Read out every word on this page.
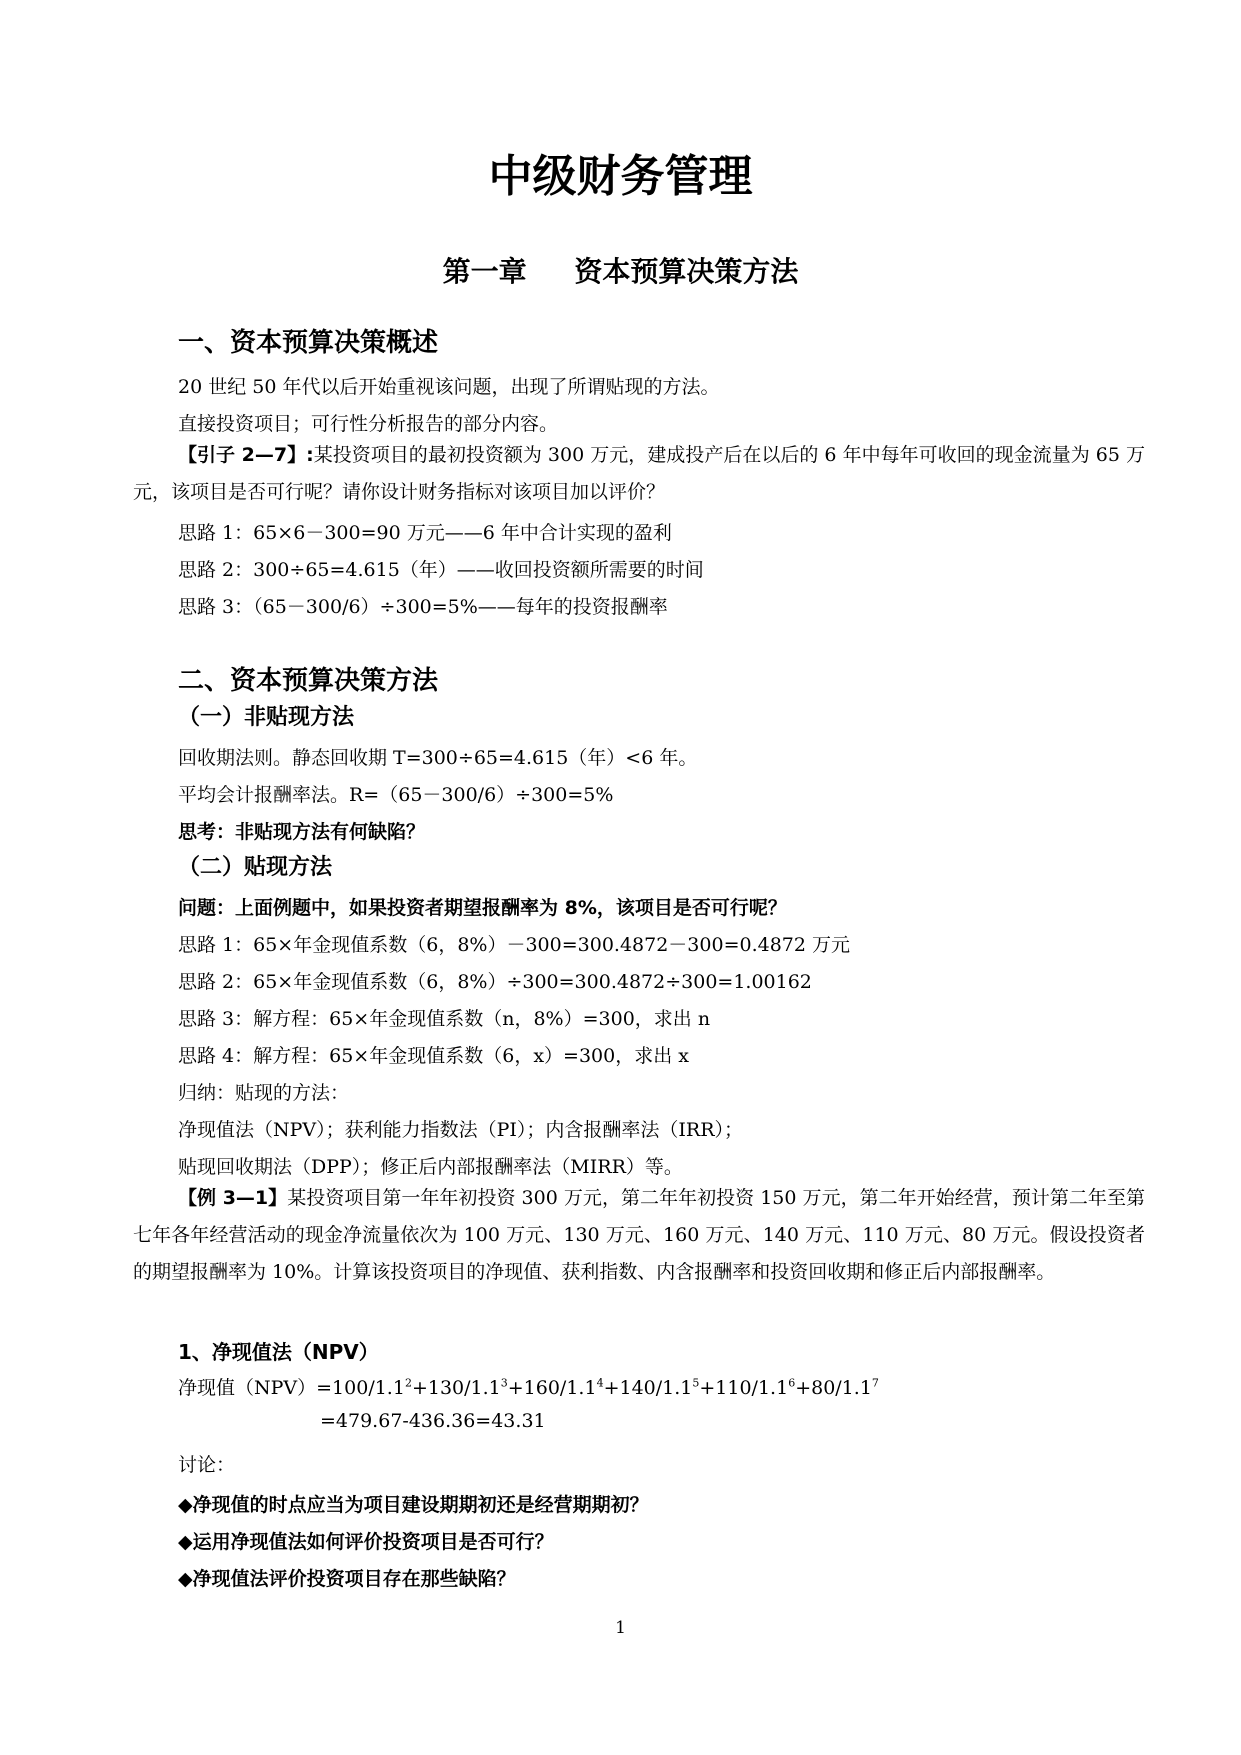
中级财务管理
第一章 资本预算决策方法
一、资本预算决策概述
20 世纪 50 年代以后开始重视该问题，出现了所谓贴现的方法。
直接投资项目；可行性分析报告的部分内容。
【引子 2—7】:某投资项目的最初投资额为 300 万元，建成投产后在以后的 6 年中每年可收回的现金流量为 65 万元，该项目是否可行呢？请你设计财务指标对该项目加以评价？
思路 1：65×6－300=90 万元——6 年中合计实现的盈利
思路 2：300÷65=4.615（年）——收回投资额所需要的时间
思路 3：（65－300/6）÷300=5%——每年的投资报酬率
二、资本预算决策方法
（一）非贴现方法
回收期法则。静态回收期 T=300÷65=4.615（年）<6 年。
平均会计报酬率法。R=（65－300/6）÷300=5%
思考：非贴现方法有何缺陷？
（二）贴现方法
问题：上面例题中，如果投资者期望报酬率为 8%，该项目是否可行呢？
思路 1：65×年金现值系数（6，8%）－300=300.4872－300=0.4872 万元
思路 2：65×年金现值系数（6，8%）÷300=300.4872÷300=1.00162
思路 3：解方程：65×年金现值系数（n，8%）=300，求出 n
思路 4：解方程：65×年金现值系数（6，x）=300，求出 x
归纳：贴现的方法：
净现值法（NPV）；获利能力指数法（PI）；内含报酬率法（IRR）；
贴现回收期法（DPP）；修正后内部报酬率法（MIRR）等。
【例 3—1】某投资项目第一年年初投资 300 万元，第二年年初投资 150 万元，第二年开始经营，预计第二年至第七年各年经营活动的现金净流量依次为 100 万元、130 万元、160 万元、140 万元、110 万元、80 万元。假设投资者的期望报酬率为 10%。计算该投资项目的净现值、获利指数、内含报酬率和投资回收期和修正后内部报酬率。
1、净现值法（NPV）
净现值$(NPV)=100/1.1^2+130/1.1^3+160/1.1^4+140/1.1^5+110/1.1^6+80/1.1^7$
=479.67-436.36=43.31
讨论：
◆净现值的时点应当为项目建设期期初还是经营期期初？
◆运用净现值法如何评价投资项目是否可行？
◆净现值法评价投资项目存在那些缺陷？
1
